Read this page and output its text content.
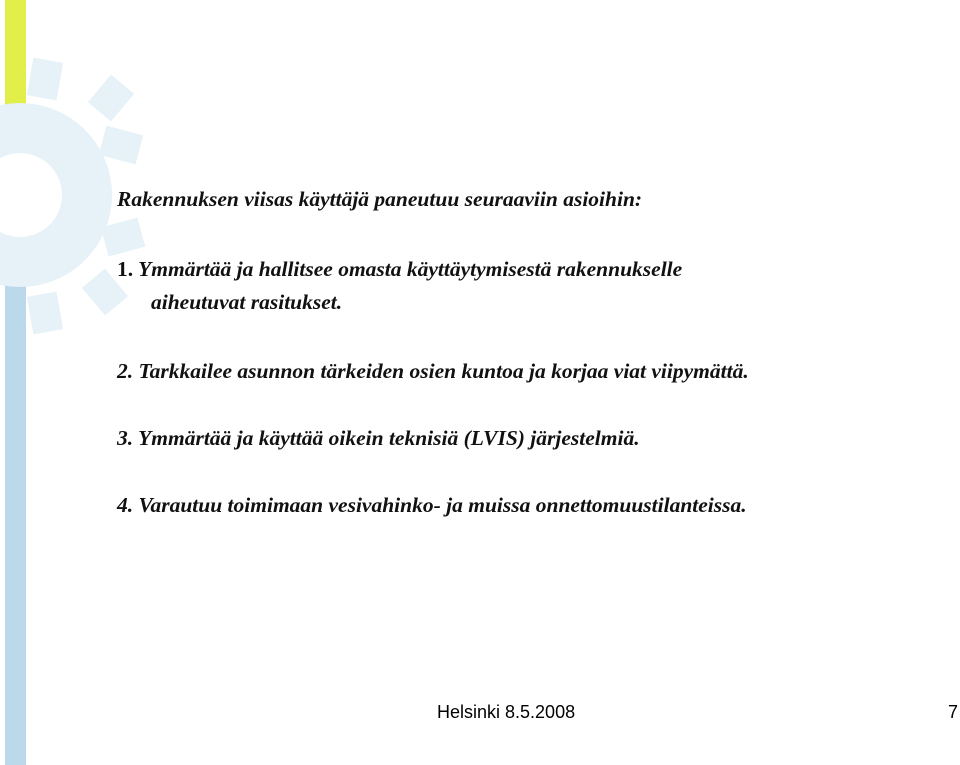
Rakennuksen viisas käyttäjä paneutuu seuraaviin asioihin:
1. Ymmärtää ja hallitsee omasta käyttäytymisestä rakennukselle
aiheutuvat rasitukset.
2. Tarkkailee asunnon tärkeiden osien kuntoa ja korjaa viat viipymättä.
3. Ymmärtää ja käyttää oikein teknisiä (LVIS) järjestelmiä.
4. Varautuu toimimaan vesivahinko- ja muissa onnettomuustilanteissa.
Helsinki 8.5.2008	7
